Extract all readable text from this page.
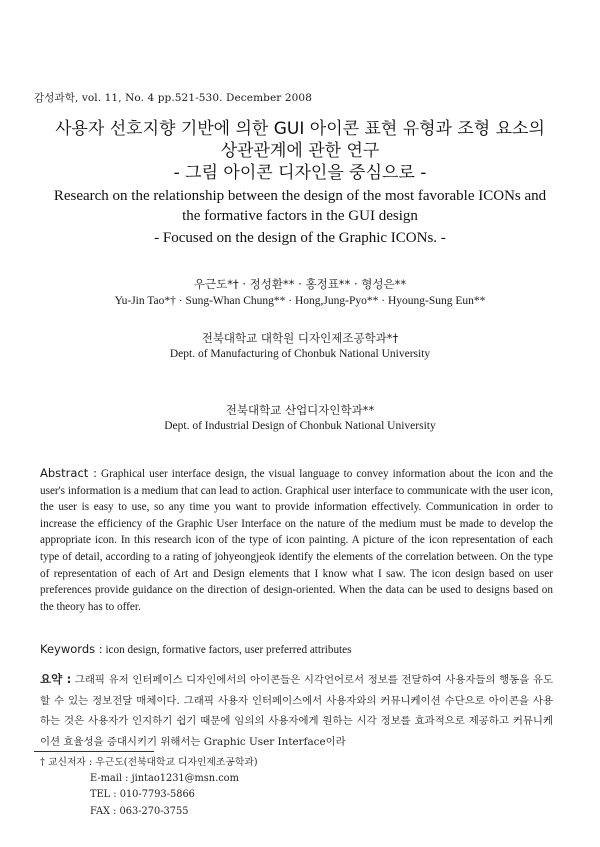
감성과학, vol. 11, No. 4 pp.521-530. December 2008
사용자 선호지향 기반에 의한 GUI 아이콘 표현 유형과 조형 요소의
상관관계에 관한 연구
- 그림 아이콘 디자인을 중심으로 -
Research on the relationship between the design of the most favorable ICONs and
the formative factors in the GUI design
- Focused on the design of the Graphic ICONs. -
우근도*† · 정성환** · 홍정표** · 형성은**
Yu-Jin Tao*† · Sung-Whan Chung** · Hong,Jung-Pyo** · Hyoung-Sung Eun**
전북대학교 대학원 디자인제조공학과*†
Dept. of Manufacturing of Chonbuk National University
전북대학교 산업디자인학과**
Dept. of Industrial Design of Chonbuk National University
Abstract : Graphical user interface design, the visual language to convey information about the icon and the user's information is a medium that can lead to action. Graphical user interface to communicate with the user icon, the user is easy to use, so any time you want to provide information effectively. Communication in order to increase the efficiency of the Graphic User Interface on the nature of the medium must be made to develop the appropriate icon. In this research icon of the type of icon painting. A picture of the icon representation of each type of detail, according to a rating of johyeongjeok identify the elements of the correlation between. On the type of representation of each of Art and Design elements that I know what I saw. The icon design based on user preferences provide guidance on the direction of design-oriented. When the data can be used to designs based on the theory has to offer.
Keywords : icon design, formative factors, user preferred attributes
요약 : 그래픽 유저 인터페이스 디자인에서의 아이콘들은 시각언어로서 정보를 전달하여 사용자들의 행동을 유도할 수 있는 정보전달 매체이다. 그래픽 사용자 인터페이스에서 사용자와의 커뮤니케이션 수단으로 아이콘을 사용하는 것은 사용자가 인지하기 쉽기 때문에 임의의 사용자에게 원하는 시각 정보를 효과적으로 제공하고 커뮤니케이션 효율성을 증대시키기 위해서는 Graphic User Interface이라
† 교신저자 : 우근도(전북대학교 디자인제조공학과)
E-mail : jintao1231@msn.com
TEL : 010-7793-5866
FAX : 063-270-3755
